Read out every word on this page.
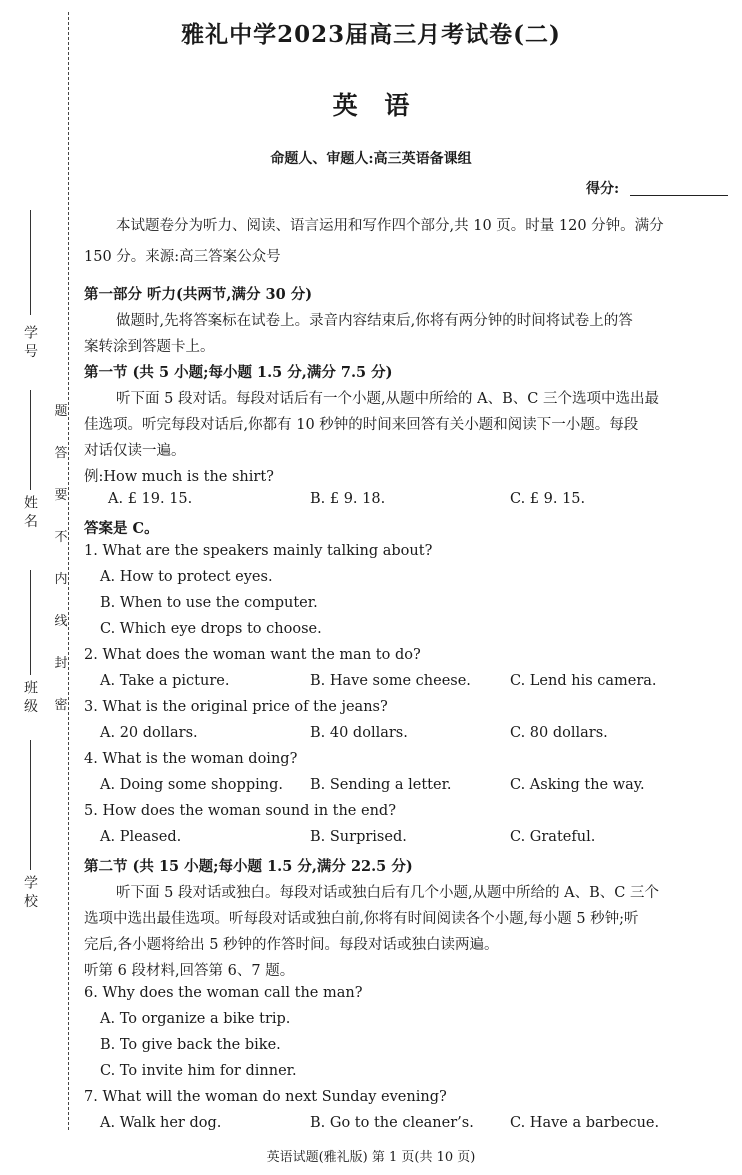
学 号
姓 名
班 级
学 校
题
答
要
不
内
线
封
密
雅礼中学2023届高三月考试卷(二)
英 语
命题人、审题人:高三英语备课组
得分:
本试题卷分为听力、阅读、语言运用和写作四个部分,共 10 页。时量 120 分钟。满分
150 分。来源:高三答案公众号
第一部分 听力(共两节,满分 30 分)
做题时,先将答案标在试卷上。录音内容结束后,你将有两分钟的时间将试卷上的答
案转涂到答题卡上。
第一节 (共 5 小题;每小题 1.5 分,满分 7.5 分)
听下面 5 段对话。每段对话后有一个小题,从题中所给的 A、B、C 三个选项中选出最
佳选项。听完每段对话后,你都有 10 秒钟的时间来回答有关小题和阅读下一小题。每段
对话仅读一遍。
例:How much is the shirt?
A. £ 19. 15.	B. £ 9. 18.	C. £ 9. 15.
答案是 C。
1. What are the speakers mainly talking about?
A. How to protect eyes.
B. When to use the computer.
C. Which eye drops to choose.
2. What does the woman want the man to do?
A. Take a picture.	B. Have some cheese.	C. Lend his camera.
3. What is the original price of the jeans?
A. 20 dollars.	B. 40 dollars.	C. 80 dollars.
4. What is the woman doing?
A. Doing some shopping. B. Sending a letter.	C. Asking the way.
5. How does the woman sound in the end?
A. Pleased.	B. Surprised.	C. Grateful.
第二节 (共 15 小题;每小题 1.5 分,满分 22.5 分)
听下面 5 段对话或独白。每段对话或独白后有几个小题,从题中所给的 A、B、C 三个
选项中选出最佳选项。听每段对话或独白前,你将有时间阅读各个小题,每小题 5 秒钟;听
完后,各小题将给出 5 秒钟的作答时间。每段对话或独白读两遍。
听第 6 段材料,回答第 6、7 题。
6. Why does the woman call the man?
A. To organize a bike trip.
B. To give back the bike.
C. To invite him for dinner.
7. What will the woman do next Sunday evening?
A. Walk her dog.	B. Go to the cleaner’s. C. Have a barbecue.
英语试题(雅礼版) 第 1 页(共 10 页)
